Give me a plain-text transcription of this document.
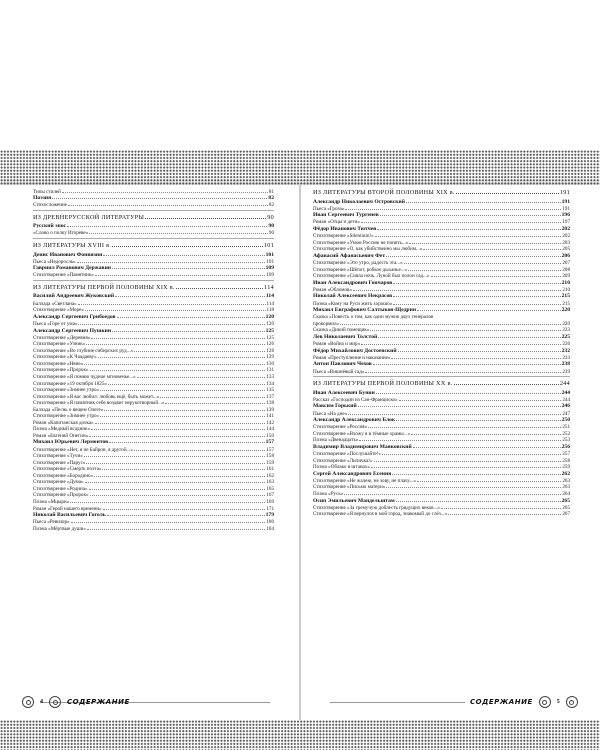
Типы стилей	81
Поэзия	82
Стихосложение	82
ИЗ ДРЕВНЕРУССКОЙ ЛИТЕРАТУРЫ	90
Русский эпос	90
«Слово о полку Игореве»	90
ИЗ ЛИТЕРАТУРЫ XVIII в.	101
Денис Иванович Фонвизин	101
Пьеса «Недоросль»	101
Гавриил Романович Державин	109
Стихотворение «Памятник»	109
ИЗ ЛИТЕРАТУРЫ ПЕРВОЙ ПОЛОВИНЫ XIX в.	114
Василий Андреевич Жуковский	114
Баллада «Светлана»	114
Стихотворение «Море»	118
Александр Сергеевич Грибоедов	120
Пьеса «Горе от ума»	120
Александр Сергеевич Пушкин	125
Стихотворение «Деревня»	125
Стихотворение «Узник»	126
Стихотворение «Во глубине сибирских руд...»	128
Стихотворение «К Чаадаеву»	129
Стихотворение «Няне»	130
Стихотворение «Пророк»	131
Стихотворение «Я помню чудное мгновенье...»	133
Стихотворение «19 октября 1825»	134
Стихотворение «Зимнее утро»	135
Стихотворение «Я вас любил: любовь ещё, быть может...»	137
Стихотворение «Я памятник себе воздвиг нерукотворный...»	138
Баллада «Песнь о вещем Олеге»	139
Стихотворение «Зимнее утро»	141
Роман «Капитанская дочка»	142
Поэма «Медный всадник»	144
Роман «Евгений Онегин»	150
Михаил Юрьевич Лермонтов	157
Стихотворение «Нет, я не Байрон, я другой...»	157
Стихотворение «Тучи»	158
Стихотворение «Парус»	159
Стихотворение «Смерть поэта»	161
Стихотворение «Бородино»	162
Стихотворение «Дума»	163
Стихотворение «Родина»	165
Стихотворение «Пророк»	167
Поэма «Мцыри»	169
Роман «Герой нашего времени»	171
Николай Васильевич Гоголь	179
Пьеса «Ревизор»	180
Поэма «Мёртвые души»	184
ИЗ ЛИТЕРАТУРЫ ВТОРОЙ ПОЛОВИНЫ XIX в.	191
Александр Николаевич Островский	191
Пьеса «Гроза»	191
Иван Сергеевич Тургенев	196
Роман «Отцы и дети»	197
Фёдор Иванович Тютчев	202
Стихотворение «Silentium!»	202
Стихотворение «Умом Россию не понять...»	203
Стихотворение «О, как убийственно мы любим...»	205
Афанасий Афанасьевич Фет	206
Стихотворение «Это утро, радость эта...»	207
Стихотворение «Шёпот, робкое дыханье...»	208
Стихотворение «Сияла ночь. Луной был полон сад...»	209
Иван Александрович Гончаров	210
Роман «Обломов»	210
Николай Алексеевич Некрасов	215
Поэма «Кому на Руси жить хорошо»	215
Михаил Евграфович Салтыков-Щедрин	220
Сказка «Повесть о том, как один мужик двух генералов
прокормил»	220
Сказка «Дикий помещик»	223
Лев Николаевич Толстой	225
Роман «Война и мир»	226
Фёдор Михайлович Достоевский	232
Роман «Преступление и наказание»	233
Антон Павлович Чехов	238
Пьеса «Вишнёвый сад»	239
ИЗ ЛИТЕРАТУРЫ ПЕРВОЙ ПОЛОВИНЫ XX в.	244
Иван Алексеевич Бунин	244
Рассказ «Господин из Сан-Франциско»	244
Максим Горький	246
Пьеса «На дне»	247
Александр Александрович Блок	250
Стихотворение «Россия»	251
Стихотворение «Вхожу я в тёмные храмы...»	252
Поэма «Двенадцать»	253
Владимир Владимирович Маяковский	256
Стихотворение «Послушайте!»	257
Стихотворение «Лиличка!»	258
Поэма «Облако в штанах»	259
Сергей Александрович Есенин	262
Стихотворение «Не жалею, не зову, не плачу...»	263
Стихотворение «Письмо матери»	263
Поэма «Русь»	264
Осип Эмильевич Мандельштам	265
Стихотворение «За гремучую доблесть грядущих веков...»	265
Стихотворение «Я вернулся в мой город, знакомый до слёз...»	267
4	СОДЕРЖАНИЕ	СОДЕРЖАНИЕ	5
